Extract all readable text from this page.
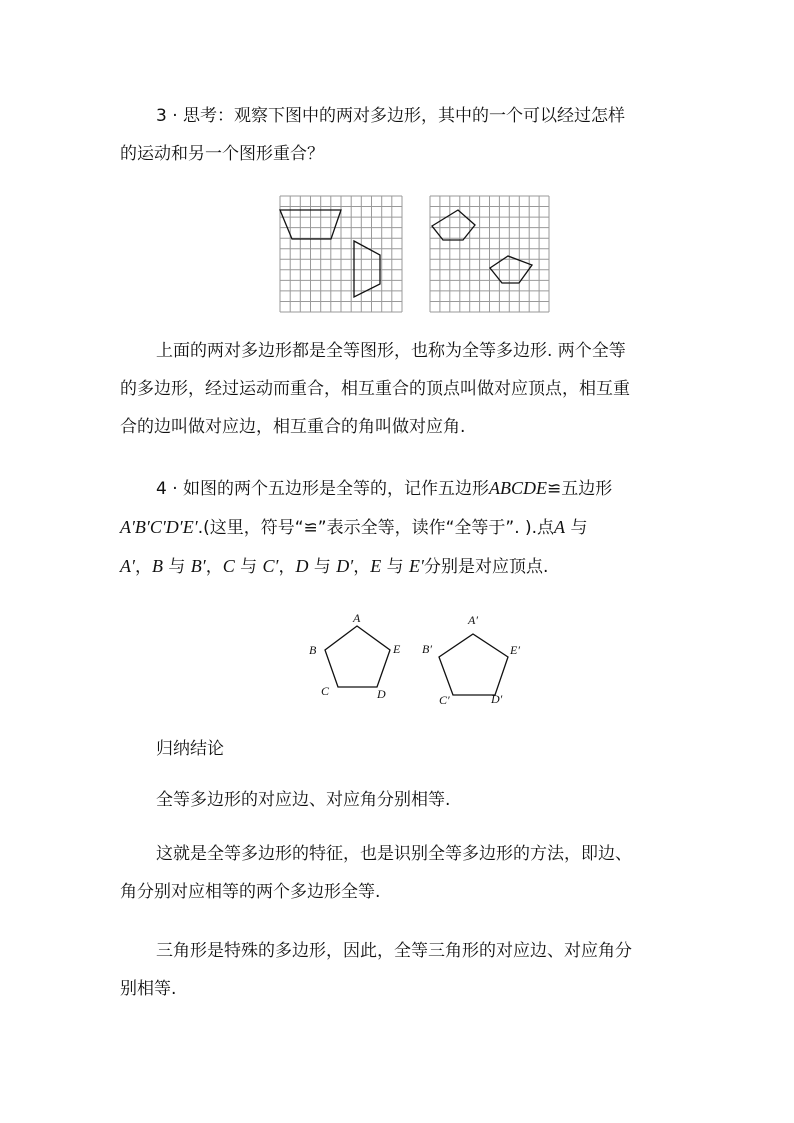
3 · 思考：观察下图中的两对多边形，其中的一个可以经过怎样
的运动和另一个图形重合？

上面的两对多边形都是全等图形，也称为全等多边形. 两个全等
的多边形，经过运动而重合，相互重合的顶点叫做对应顶点，相互重
合的边叫做对应边，相互重合的角叫做对应角.

4 · 如图的两个五边形是全等的，记作五边形ABCDE≌五边形
A′B′C′D′E′.(这里，符号“≌”表示全等，读作“全等于”. ).点A 与
A′，B 与 B′，C 与 C′，D 与 D′，E 与 E′分别是对应顶点.

A
B
C	D
E
A′
B′
C′	D′
E′

归纳结论

全等多边形的对应边、对应角分别相等.

这就是全等多边形的特征，也是识别全等多边形的方法，即边、
角分别对应相等的两个多边形全等.

三角形是特殊的多边形，因此，全等三角形的对应边、对应角分
别相等.
